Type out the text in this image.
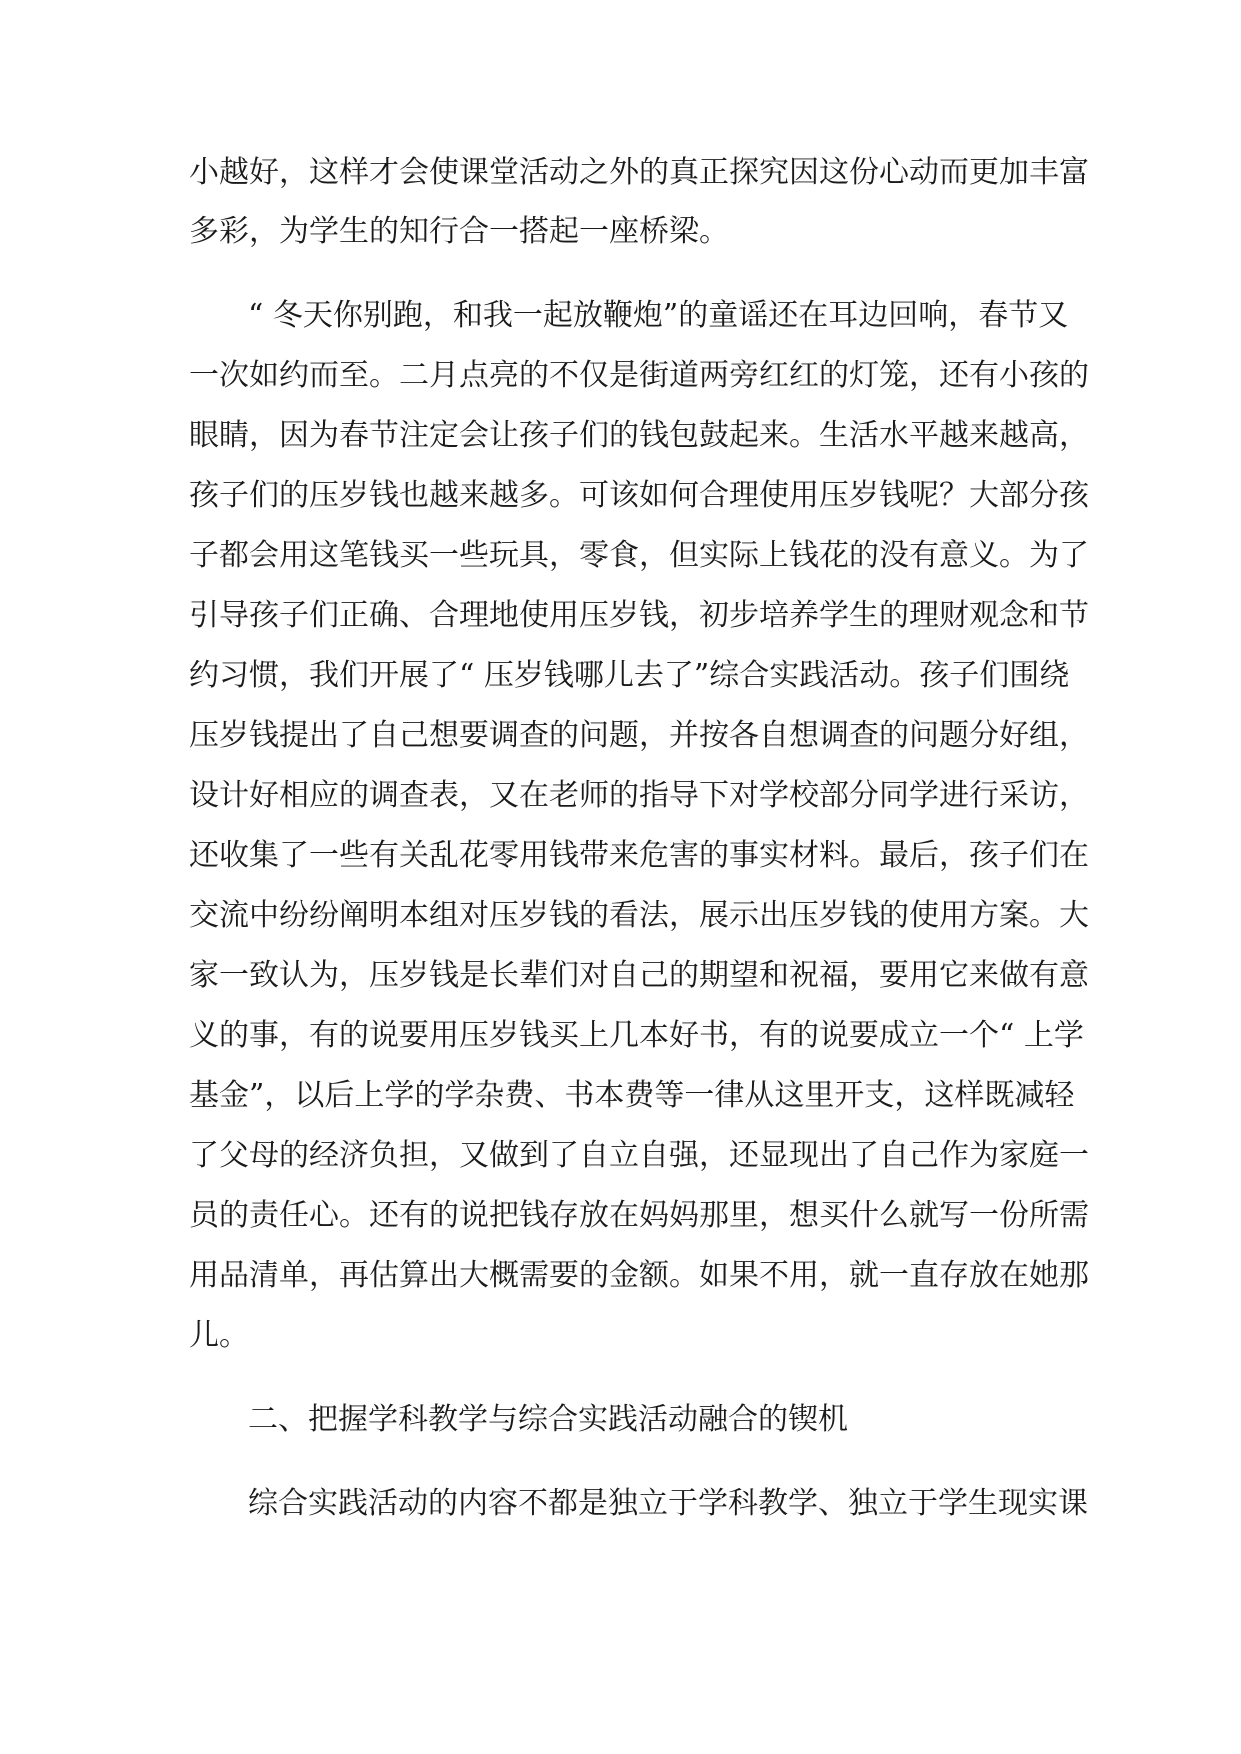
小越好，这样才会使课堂活动之外的真正探究因这份心动而更加丰富
多彩，为学生的知行合一搭起一座桥梁。
“ 冬天你别跑，和我一起放鞭炮”的童谣还在耳边回响，春节又
一次如约而至。二月点亮的不仅是街道两旁红红的灯笼，还有小孩的
眼睛，因为春节注定会让孩子们的钱包鼓起来。生活水平越来越高，
孩子们的压岁钱也越来越多。可该如何合理使用压岁钱呢？大部分孩
子都会用这笔钱买一些玩具，零食，但实际上钱花的没有意义。为了
引导孩子们正确、合理地使用压岁钱，初步培养学生的理财观念和节
约习惯，我们开展了“ 压岁钱哪儿去了”综合实践活动。孩子们围绕
压岁钱提出了自己想要调查的问题，并按各自想调查的问题分好组，
设计好相应的调查表，又在老师的指导下对学校部分同学进行采访，
还收集了一些有关乱花零用钱带来危害的事实材料。最后，孩子们在
交流中纷纷阐明本组对压岁钱的看法，展示出压岁钱的使用方案。大
家一致认为，压岁钱是长辈们对自己的期望和祝福，要用它来做有意
义的事，有的说要用压岁钱买上几本好书，有的说要成立一个“ 上学
基金”，以后上学的学杂费、书本费等一律从这里开支，这样既减轻
了父母的经济负担，又做到了自立自强，还显现出了自己作为家庭一
员的责任心。还有的说把钱存放在妈妈那里，想买什么就写一份所需
用品清单，再估算出大概需要的金额。如果不用，就一直存放在她那
儿。
二、把握学科教学与综合实践活动融合的锲机
综合实践活动的内容不都是独立于学科教学、独立于学生现实课
